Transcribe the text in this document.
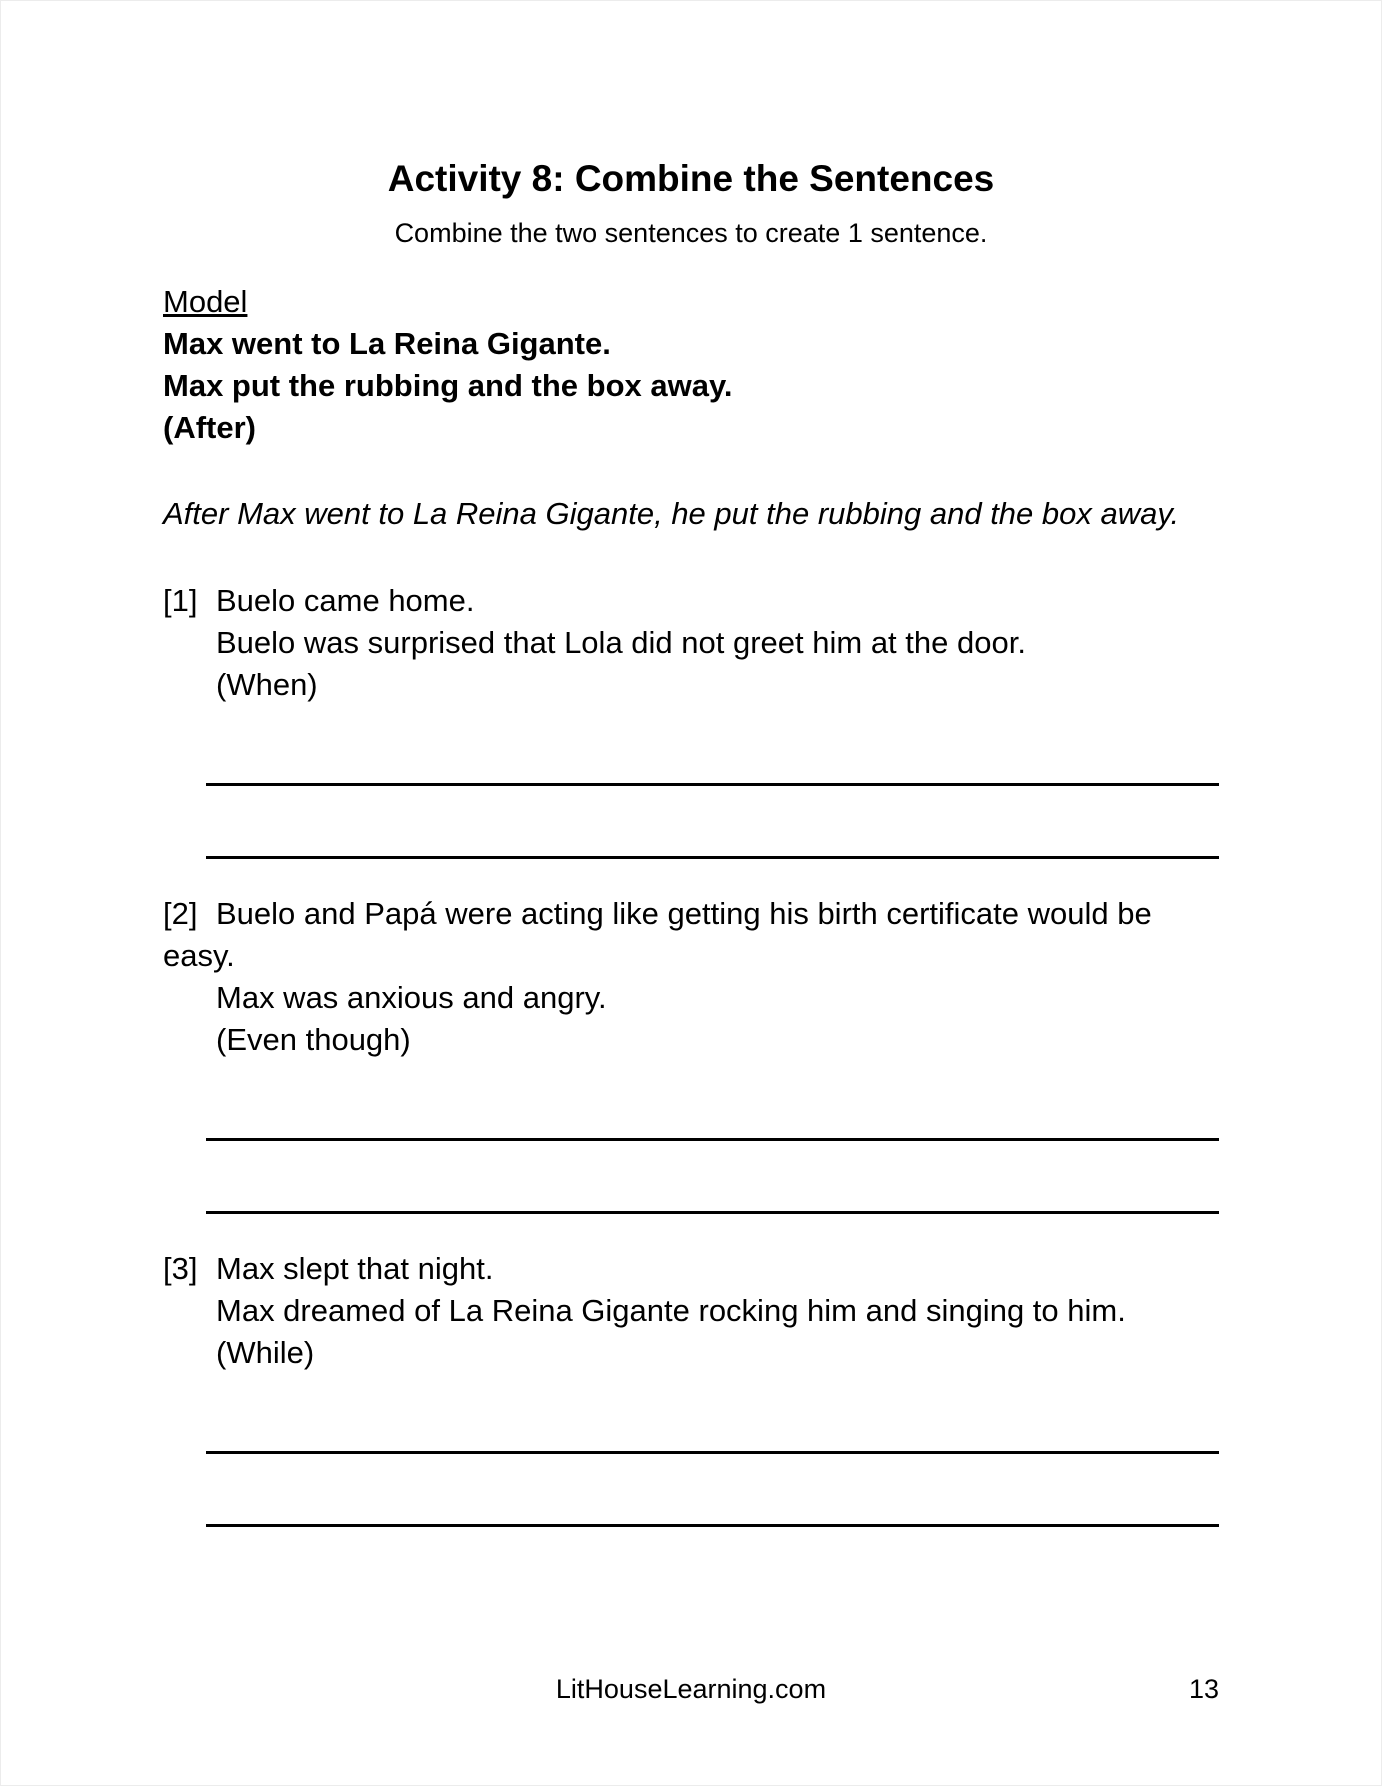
Activity 8: Combine the Sentences
Combine the two sentences to create 1 sentence.
Model
Max went to La Reina Gigante.
Max put the rubbing and the box away.
(After)
After Max went to La Reina Gigante, he put the rubbing and the box away.
[1] Buelo came home.
Buelo was surprised that Lola did not greet him at the door.
(When)
[2] Buelo and Papá were acting like getting his birth certificate would be easy.
Max was anxious and angry.
(Even though)
[3] Max slept that night.
Max dreamed of La Reina Gigante rocking him and singing to him.
(While)
LitHouseLearning.com	13
